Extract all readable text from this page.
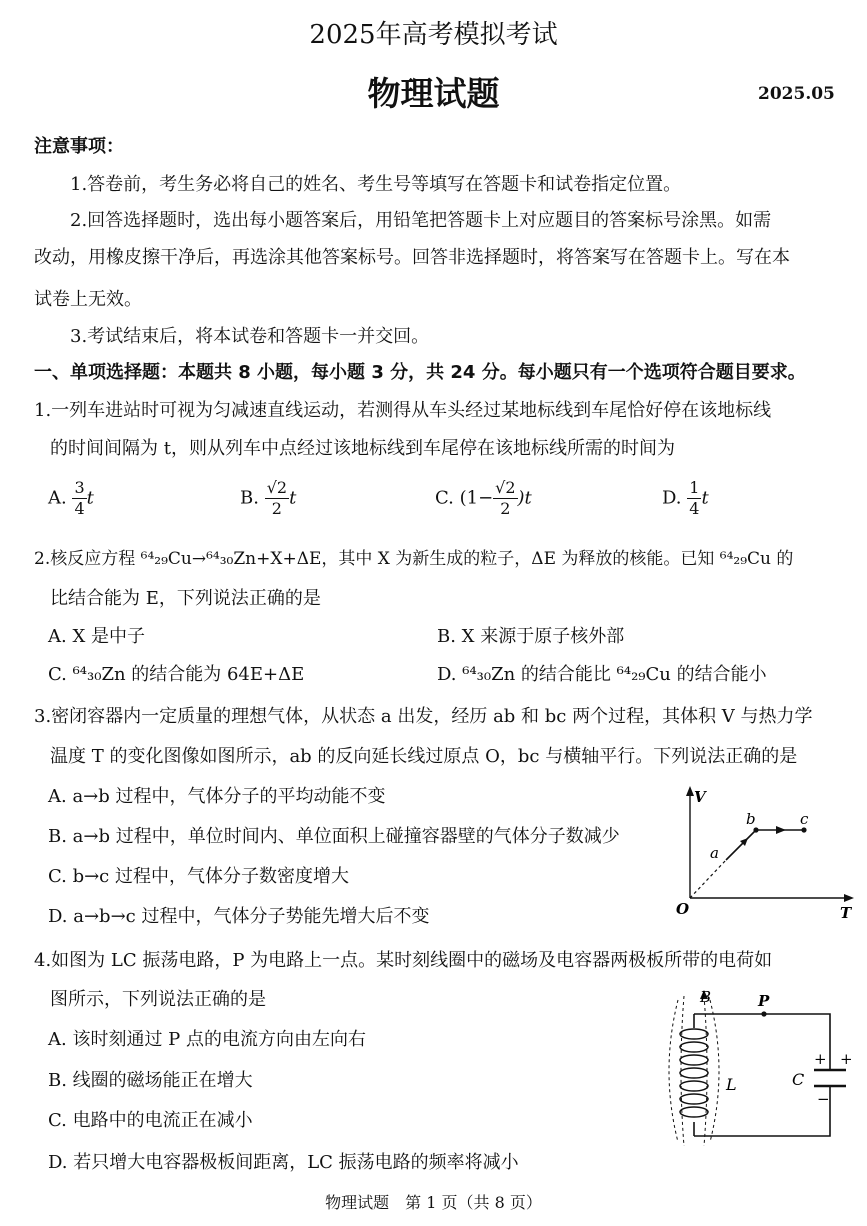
2025年高考模拟考试
物理试题	2025.05
注意事项：
1.答卷前，考生务必将自己的姓名、考生号等填写在答题卡和试卷指定位置。
2.回答选择题时，选出每小题答案后，用铅笔把答题卡上对应题目的答案标号涂黑。如需
改动，用橡皮擦干净后，再选涂其他答案标号。回答非选择题时，将答案写在答题卡上。写在本
试卷上无效。
3.考试结束后，将本试卷和答题卡一并交回。
一、单项选择题：本题共 8 小题，每小题 3 分，共 24 分。每小题只有一个选项符合题目要求。
1.一列车进站时可视为匀减速直线运动，若测得从车头经过某地标线到车尾恰好停在该地标线
的时间间隔为 t，则从列车中点经过该地标线到车尾停在该地标线所需的时间为
A. $\frac{3}{4}$ t	B. $\frac{√2}{2}$ t	C. $(1- \frac{√2}{2} )t$	D. $\frac{1}{4}$ t
2.核反应方程 ⁶⁴₂₉Cu→⁶⁴₃₀Zn+X+ΔE，其中 X 为新生成的粒子，ΔE 为释放的核能。已知 ⁶⁴₂₉Cu 的
比结合能为 E，下列说法正确的是
A. X 是中子	B. X 来源于原子核外部
C. ⁶⁴₃₀Zn 的结合能为 64E+ΔE	D. ⁶⁴₃₀Zn 的结合能比 ⁶⁴₂₉Cu 的结合能小
3.密闭容器内一定质量的理想气体，从状态 a 出发，经历 ab 和 bc 两个过程，其体积 V 与热力学
温度 T 的变化图像如图所示，ab 的反向延长线过原点 O，bc 与横轴平行。下列说法正确的是
A. a→b 过程中，气体分子的平均动能不变
B. a→b 过程中，单位时间内、单位面积上碰撞容器壁的气体分子数减少
C. b→c 过程中，气体分子数密度增大
D. a→b→c 过程中，气体分子势能先增大后不变
V
T
O
a
b	c
4.如图为 LC 振荡电路，P 为电路上一点。某时刻线圈中的磁场及电容器两极板所带的电荷如
图所示，下列说法正确的是
A. 该时刻通过 P 点的电流方向由左向右
B. 线圈的磁场能正在增大
C. 电路中的电流正在减小
D. 若只增大电容器极板间距离，LC 振荡电路的频率将减小
+ +
−
C
B
L
P
物理试题　第 1 页（共 8 页）
